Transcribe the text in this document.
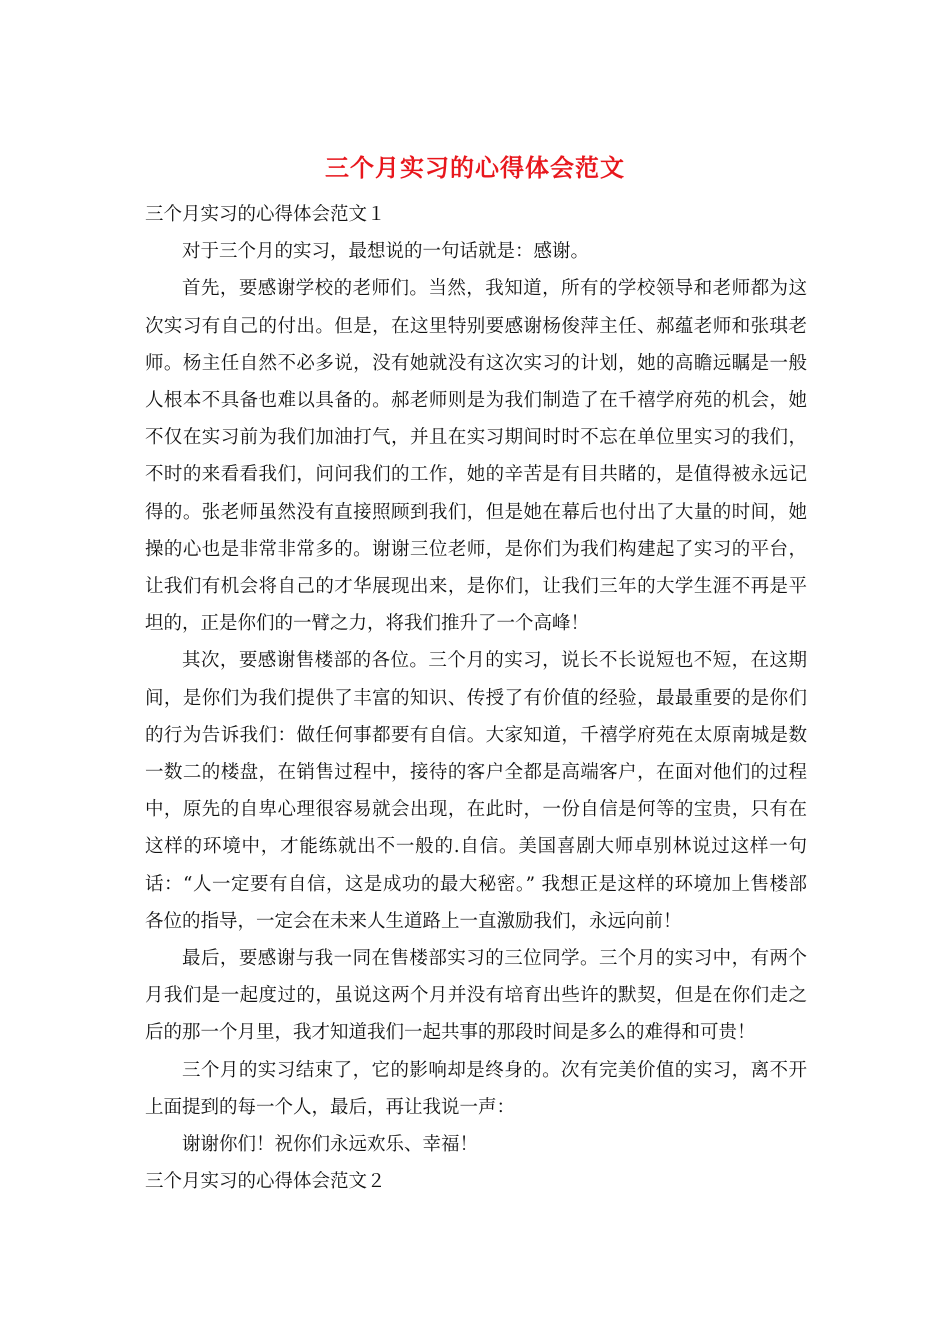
三个月实习的心得体会范文

三个月实习的心得体会范文１

对于三个月的实习，最想说的一句话就是：感谢。

首先，要感谢学校的老师们。当然，我知道，所有的学校领导和老师都为这次实习有自己的付出。但是，在这里特别要感谢杨俊萍主任、郝蕴老师和张琪老师。杨主任自然不必多说，没有她就没有这次实习的计划，她的高瞻远瞩是一般人根本不具备也难以具备的。郝老师则是为我们制造了在千禧学府苑的机会，她不仅在实习前为我们加油打气，并且在实习期间时时不忘在单位里实习的我们，不时的来看看我们，问问我们的工作，她的辛苦是有目共睹的，是值得被永远记得的。张老师虽然没有直接照顾到我们，但是她在幕后也付出了大量的时间，她操的心也是非常非常多的。谢谢三位老师，是你们为我们构建起了实习的平台，让我们有机会将自己的才华展现出来，是你们，让我们三年的大学生涯不再是平坦的，正是你们的一臂之力，将我们推升了一个高峰！

其次，要感谢售楼部的各位。三个月的实习，说长不长说短也不短，在这期间，是你们为我们提供了丰富的知识、传授了有价值的经验，最最重要的是你们的行为告诉我们：做任何事都要有自信。大家知道，千禧学府苑在太原南城是数一数二的楼盘，在销售过程中，接待的客户全都是高端客户，在面对他们的过程中，原先的自卑心理很容易就会出现，在此时，一份自信是何等的宝贵，只有在这样的环境中，才能练就出不一般的.自信。美国喜剧大师卓别林说过这样一句话：“人一定要有自信，这是成功的最大秘密。” 我想正是这样的环境加上售楼部各位的指导，一定会在未来人生道路上一直激励我们，永远向前！

最后，要感谢与我一同在售楼部实习的三位同学。三个月的实习中，有两个月我们是一起度过的，虽说这两个月并没有培育出些许的默契，但是在你们走之后的那一个月里，我才知道我们一起共事的那段时间是多么的难得和可贵！

三个月的实习结束了，它的影响却是终身的。次有完美价值的实习，离不开上面提到的每一个人，最后，再让我说一声：

谢谢你们！祝你们永远欢乐、幸福！

三个月实习的心得体会范文２
